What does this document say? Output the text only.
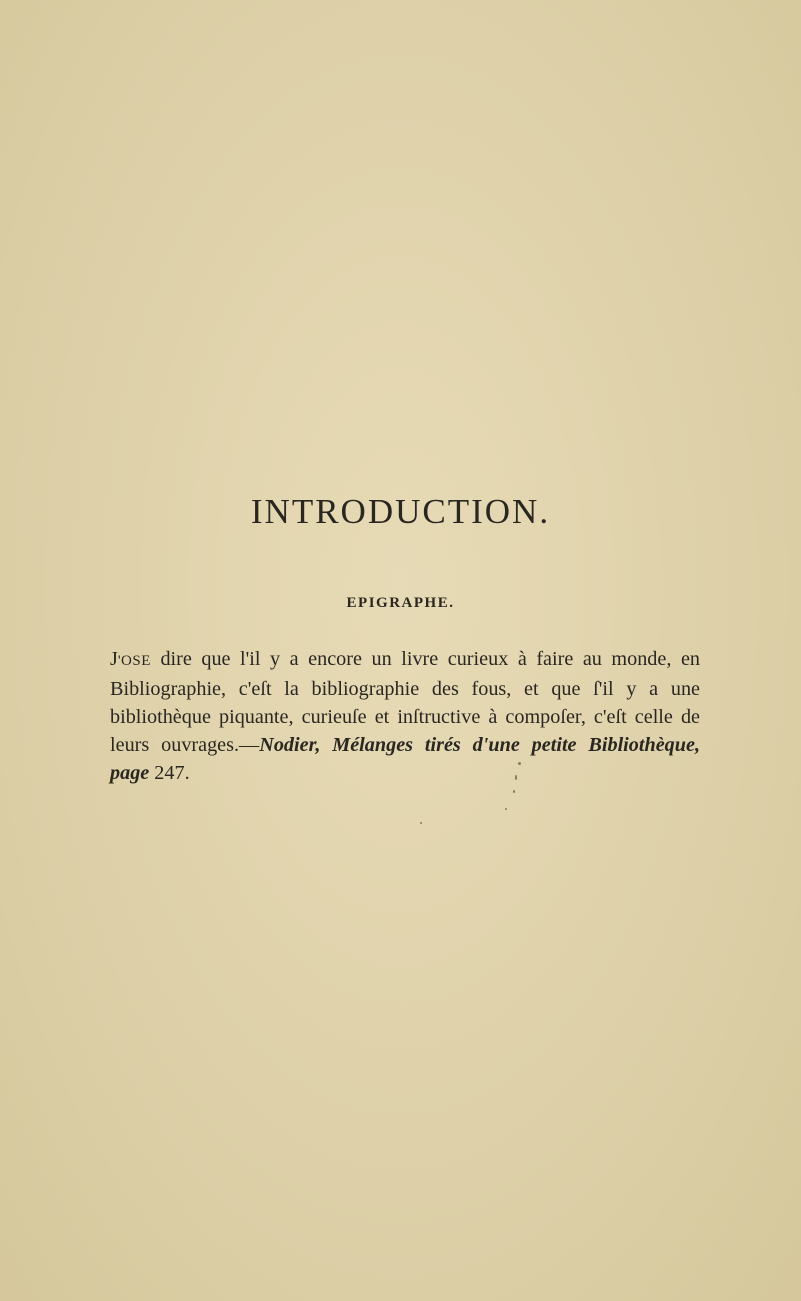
INTRODUCTION.
EPIGRAPHE.

J'OSE dire que l'il y a encore un livre curieux à faire au monde, en Bibliographie, c'eſt la bibliographie des fous, et que ſ'il y a une bibliothèque piquante, curieuſe et inſtructive à compoſer, c'eſt celle de leurs ouvrages.—Nodier, Mélanges tirés d'une petite Bibliothèque, page 247.
